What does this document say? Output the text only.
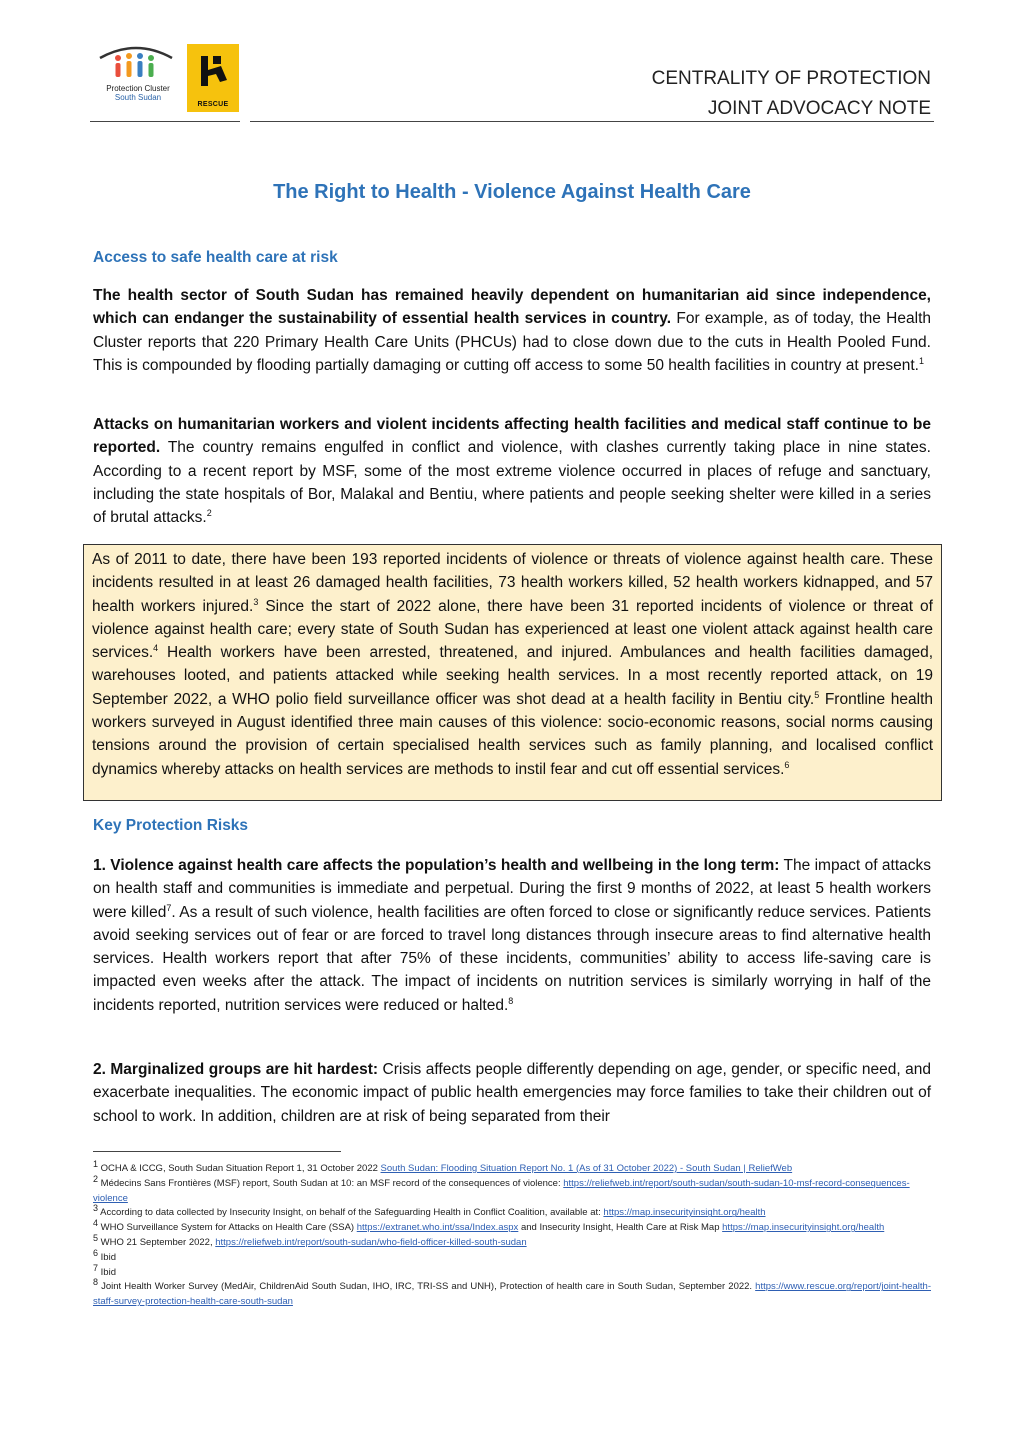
Protection Cluster
South Sudan
RESCUE
CENTRALITY OF PROTECTION
JOINT ADVOCACY NOTE
The Right to Health - Violence Against Health Care
Access to safe health care at risk

The health sector of South Sudan has remained heavily dependent on humanitarian aid since independence, which can endanger the sustainability of essential health services in country. For example, as of today, the Health Cluster reports that 220 Primary Health Care Units (PHCUs) had to close down due to the cuts in Health Pooled Fund. This is compounded by flooding partially damaging or cutting off access to some 50 health facilities in country at present.$^1$

Attacks on humanitarian workers and violent incidents affecting health facilities and medical staff continue to be reported. The country remains engulfed in conflict and violence, with clashes currently taking place in nine states. According to a recent report by MSF, some of the most extreme violence occurred in places of refuge and sanctuary, including the state hospitals of Bor, Malakal and Bentiu, where patients and people seeking shelter were killed in a series of brutal attacks.$^2$

As of 2011 to date, there have been 193 reported incidents of violence or threats of violence against health care. These incidents resulted in at least 26 damaged health facilities, 73 health workers killed, 52 health workers kidnapped, and 57 health workers injured.$^3$ Since the start of 2022 alone, there have been 31 reported incidents of violence or threat of violence against health care; every state of South Sudan has experienced at least one violent attack against health care services.$^4$ Health workers have been arrested, threatened, and injured. Ambulances and health facilities damaged, warehouses looted, and patients attacked while seeking health services. In a most recently reported attack, on 19 September 2022, a WHO polio field surveillance officer was shot dead at a health facility in Bentiu city.$^5$ Frontline health workers surveyed in August identified three main causes of this violence: socio-economic reasons, social norms causing tensions around the provision of certain specialised health services such as family planning, and localised conflict dynamics whereby attacks on health services are methods to instil fear and cut off essential services.$^6$

Key Protection Risks

1. Violence against health care affects the population’s health and wellbeing in the long term: The impact of attacks on health staff and communities is immediate and perpetual. During the first 9 months of 2022, at least 5 health workers were killed$^7$. As a result of such violence, health facilities are often forced to close or significantly reduce services. Patients avoid seeking services out of fear or are forced to travel long distances through insecure areas to find alternative health services. Health workers report that after 75% of these incidents, communities’ ability to access life-saving care is impacted even weeks after the attack. The impact of incidents on nutrition services is similarly worrying in half of the incidents reported, nutrition services were reduced or halted.$^8$

2. Marginalized groups are hit hardest: Crisis affects people differently depending on age, gender, or specific need, and exacerbate inequalities. The economic impact of public health emergencies may force families to take their children out of school to work. In addition, children are at risk of being separated from their

$^1$ OCHA & ICCG, South Sudan Situation Report 1, 31 October 2022 South Sudan: Flooding Situation Report No. 1 (As of 31 October 2022) - South Sudan | ReliefWeb

$^2$ Médecins Sans Frontières (MSF) report, South Sudan at 10: an MSF record of the consequences of violence: https://reliefweb.int/report/south-sudan/south-sudan-10-msf-record-consequences-violence

$^3$ According to data collected by Insecurity Insight, on behalf of the Safeguarding Health in Conflict Coalition, available at: https://map.insecurityinsight.org/health

$^4$ WHO Surveillance System for Attacks on Health Care (SSA) https://extranet.who.int/ssa/Index.aspx and Insecurity Insight, Health Care at Risk Map https://map.insecurityinsight.org/health

$^5$ WHO 21 September 2022, https://reliefweb.int/report/south-sudan/who-field-officer-killed-south-sudan

$^6$ Ibid

$^7$ Ibid

$^8$ Joint Health Worker Survey (MedAir, ChildrenAid South Sudan, IHO, IRC, TRI-SS and UNH), Protection of health care in South Sudan, September 2022. https://www.rescue.org/report/joint-health-staff-survey-protection-health-care-south-sudan
